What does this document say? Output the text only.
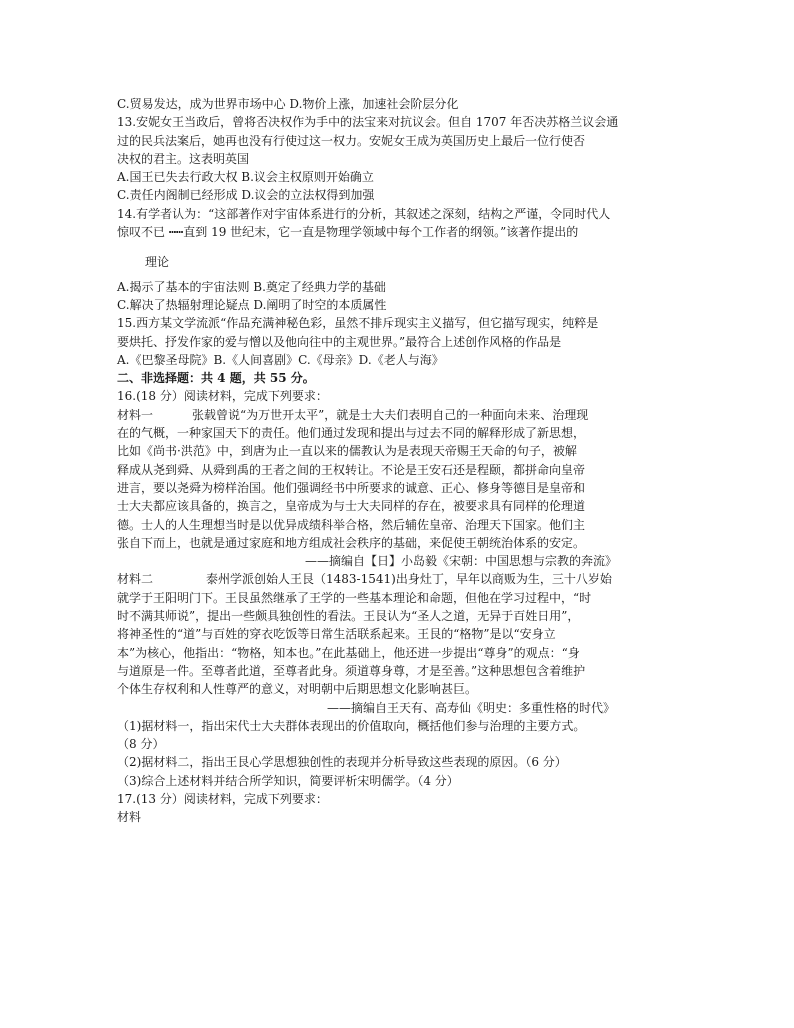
C.贸易发达，成为世界市场中心 D.物价上涨，加速社会阶层分化
13.安妮女王当政后，曾将否决权作为手中的法宝来对抗议会。但自 1707 年否决苏格兰议会通
过的民兵法案后，她再也没有行使过这一权力。安妮女王成为英国历史上最后一位行使否
决权的君主。这表明英国
A.国王已失去行政大权 B.议会主权原则开始确立
C.责任内阁制已经形成 D.议会的立法权得到加强
14.有学者认为：“这部著作对宇宙体系进行的分析，其叙述之深刻，结构之严谨，令同时代人
惊叹不已 ┅┅直到 19 世纪末，它一直是物理学领域中每个工作者的纲领。”该著作提出的
理论
A.揭示了基本的宇宙法则 B.奠定了经典力学的基础
C.解决了热辐射理论疑点 D.阐明了时空的本质属性
15.西方某文学流派“作品充满神秘色彩，虽然不排斥现实主义描写，但它描写现实，纯粹是
要烘托、抒发作家的爱与憎以及他向往中的主观世界。”最符合上述创作风格的作品是
A.《巴黎圣母院》B.《人间喜剧》C.《母亲》D.《老人与海》
二、非选择题：共 4 题，共 55 分。
16.(18 分）阅读材料，完成下列要求：
材料一	张载曾说“为万世开太平”，就是士大夫们表明自己的一种面向未来、治理现
在的气概，一种家国天下的责任。他们通过发现和提出与过去不同的解释形成了新思想，
比如《尚书·洪范》中，到唐为止一直以来的儒教认为是表现天帝赐王天命的句子，被解
释成从尧到舜、从舜到禹的王者之间的王权转让。不论是王安石还是程颐，都拼命向皇帝
进言，要以尧舜为榜样治国。他们强调经书中所要求的诚意、正心、修身等德目是皇帝和
士大夫都应该具备的，换言之，皇帝成为与士大夫同样的存在，被要求具有同样的伦理道
德。士人的人生理想当时是以优异成绩科举合格，然后辅佐皇帝、治理天下国家。他们主
张自下而上，也就是通过家庭和地方组成社会秩序的基础，来促使王朝统治体系的安定。
——摘编自【日】小岛毅《宋朝：中国思想与宗教的奔流》
材料二	泰州学派创始人王艮（1483-1541)出身灶丁，早年以商贩为生，三十八岁始
就学于王阳明门下。王艮虽然继承了王学的一些基本理论和命题，但他在学习过程中，“时
时不满其师说”，提出一些颇具独创性的看法。王艮认为“圣人之道，无异于百姓日用”，
将神圣性的“道”与百姓的穿衣吃饭等日常生活联系起来。王艮的“格物”是以“安身立
本”为核心，他指出：“物格，知本也。”在此基础上，他还进一步提出“尊身”的观点：“身
与道原是一件。至尊者此道，至尊者此身。须道尊身尊，才是至善。”这种思想包含着维护
个体生存权利和人性尊严的意义，对明朝中后期思想文化影响甚巨。
——摘编自王天有、高寿仙《明史：多重性格的时代》
（1)据材料一，指出宋代士大夫群体表现出的价值取向，概括他们参与治理的主要方式。
（8 分）
（2)据材料二，指出王艮心学思想独创性的表现并分析导致这些表现的原因。（6 分）
（3)综合上述材料并结合所学知识，简要评析宋明儒学。（4 分）
17.(13 分）阅读材料，完成下列要求：
材料
